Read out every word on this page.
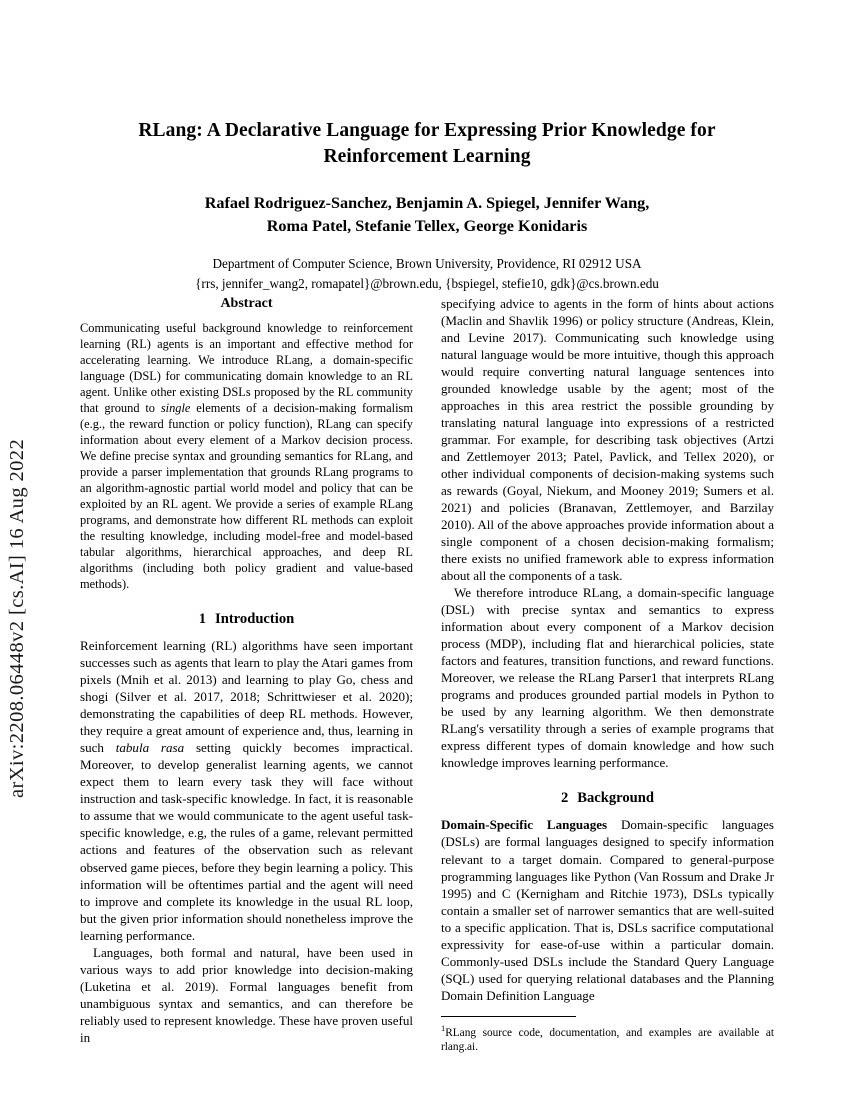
arXiv:2208.06448v2 [cs.AI] 16 Aug 2022
RLang: A Declarative Language for Expressing Prior Knowledge for Reinforcement Learning
Rafael Rodriguez-Sanchez, Benjamin A. Spiegel, Jennifer Wang,
Roma Patel, Stefanie Tellex, George Konidaris
Department of Computer Science, Brown University, Providence, RI 02912 USA
{rrs, jennifer_wang2, romapatel}@brown.edu, {bspiegel, stefie10, gdk}@cs.brown.edu
Abstract
Communicating useful background knowledge to reinforcement learning (RL) agents is an important and effective method for accelerating learning. We introduce RLang, a domain-specific language (DSL) for communicating domain knowledge to an RL agent. Unlike other existing DSLs proposed by the RL community that ground to single elements of a decision-making formalism (e.g., the reward function or policy function), RLang can specify information about every element of a Markov decision process. We define precise syntax and grounding semantics for RLang, and provide a parser implementation that grounds RLang programs to an algorithm-agnostic partial world model and policy that can be exploited by an RL agent. We provide a series of example RLang programs, and demonstrate how different RL methods can exploit the resulting knowledge, including model-free and model-based tabular algorithms, hierarchical approaches, and deep RL algorithms (including both policy gradient and value-based methods).
1 Introduction

Reinforcement learning (RL) algorithms have seen important successes such as agents that learn to play the Atari games from pixels (Mnih et al. 2013) and learning to play Go, chess and shogi (Silver et al. 2017, 2018; Schrittwieser et al. 2020); demonstrating the capabilities of deep RL methods. However, they require a great amount of experience and, thus, learning in such tabula rasa setting quickly becomes impractical. Moreover, to develop generalist learning agents, we cannot expect them to learn every task they will face without instruction and task-specific knowledge. In fact, it is reasonable to assume that we would communicate to the agent useful task-specific knowledge, e.g, the rules of a game, relevant permitted actions and features of the observation such as relevant observed game pieces, before they begin learning a policy. This information will be oftentimes partial and the agent will need to improve and complete its knowledge in the usual RL loop, but the given prior information should nonetheless improve the learning performance.

Languages, both formal and natural, have been used in various ways to add prior knowledge into decision-making (Luketina et al. 2019). Formal languages benefit from unambiguous syntax and semantics, and can therefore be reliably used to represent knowledge. These have proven useful in

specifying advice to agents in the form of hints about actions (Maclin and Shavlik 1996) or policy structure (Andreas, Klein, and Levine 2017). Communicating such knowledge using natural language would be more intuitive, though this approach would require converting natural language sentences into grounded knowledge usable by the agent; most of the approaches in this area restrict the possible grounding by translating natural language into expressions of a restricted grammar. For example, for describing task objectives (Artzi and Zettlemoyer 2013; Patel, Pavlick, and Tellex 2020), or other individual components of decision-making systems such as rewards (Goyal, Niekum, and Mooney 2019; Sumers et al. 2021) and policies (Branavan, Zettlemoyer, and Barzilay 2010). All of the above approaches provide information about a single component of a chosen decision-making formalism; there exists no unified framework able to express information about all the components of a task.

We therefore introduce RLang, a domain-specific language (DSL) with precise syntax and semantics to express information about every component of a Markov decision process (MDP), including flat and hierarchical policies, state factors and features, transition functions, and reward functions. Moreover, we release the RLang Parser1 that interprets RLang programs and produces grounded partial models in Python to be used by any learning algorithm. We then demonstrate RLang's versatility through a series of example programs that express different types of domain knowledge and how such knowledge improves learning performance.

2 Background

Domain-Specific Languages Domain-specific languages (DSLs) are formal languages designed to specify information relevant to a target domain. Compared to general-purpose programming languages like Python (Van Rossum and Drake Jr 1995) and C (Kernigham and Ritchie 1973), DSLs typically contain a smaller set of narrower semantics that are well-suited to a specific application. That is, DSLs sacrifice computational expressivity for ease-of-use within a particular domain. Commonly-used DSLs include the Standard Query Language (SQL) used for querying relational databases and the Planning Domain Definition Language

$^1$RLang source code, documentation, and examples are available at rlang.ai.
